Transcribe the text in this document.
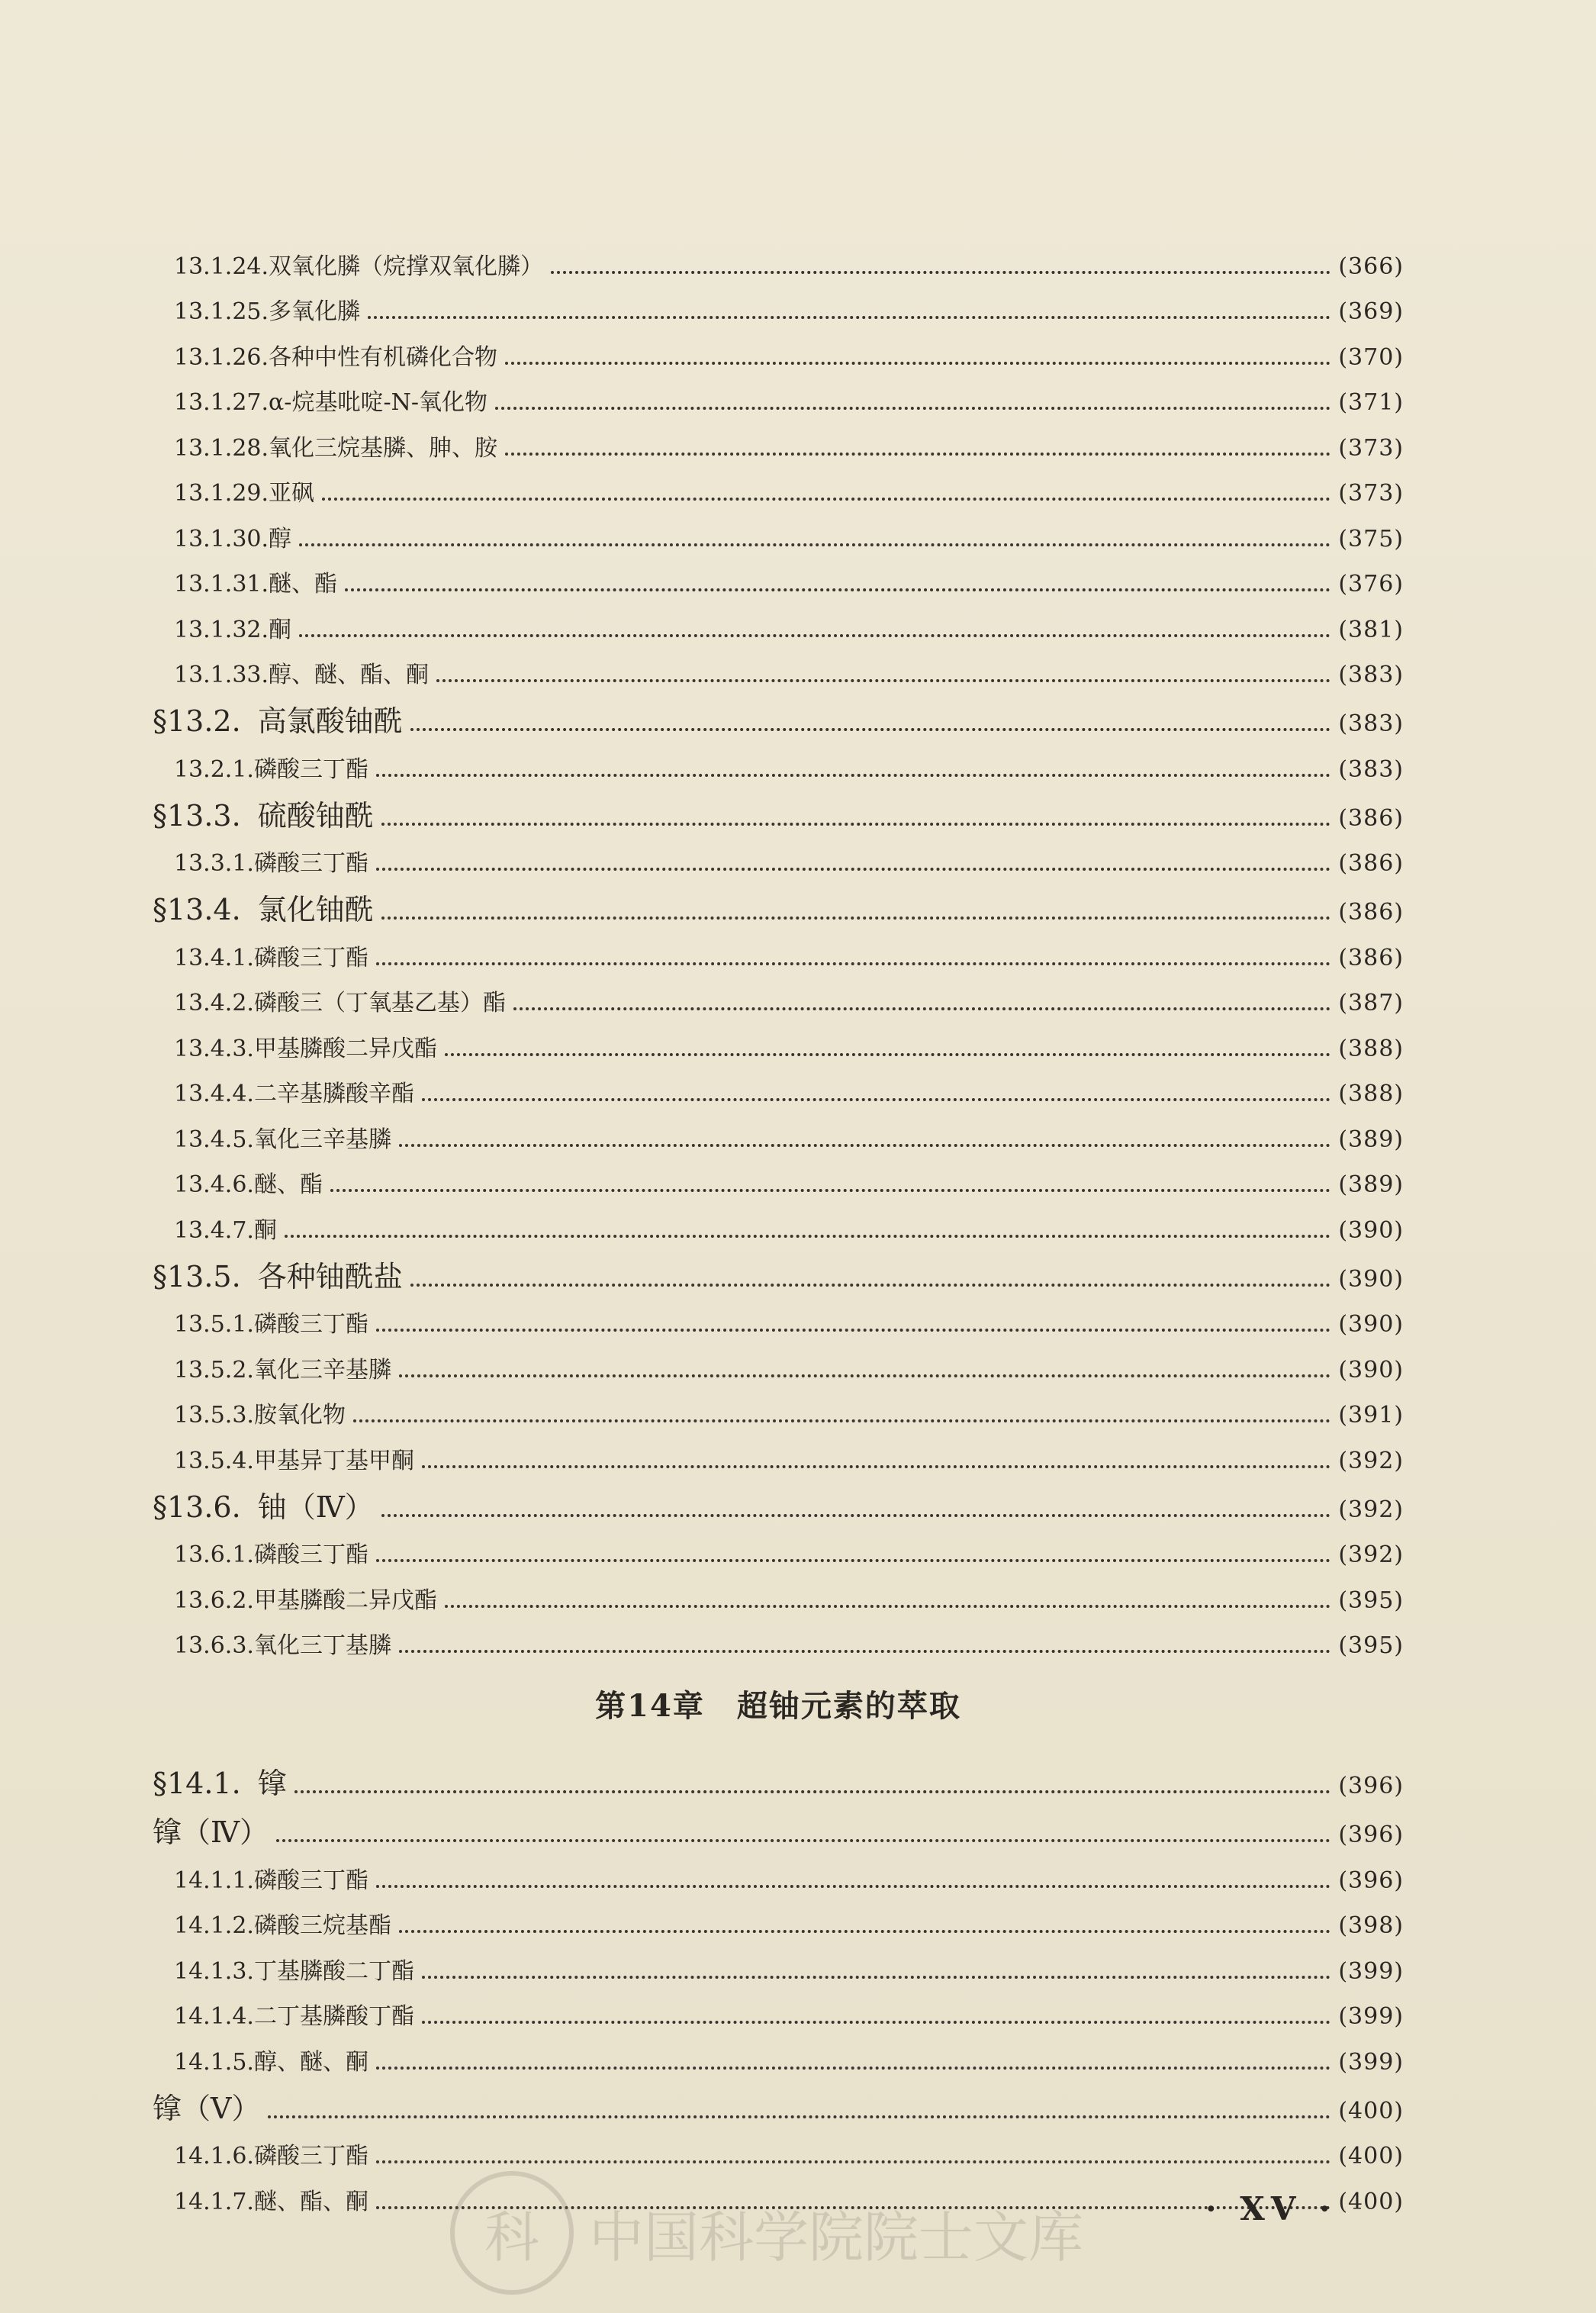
13.1.24. 双氧化膦（烷撑双氧化膦）	(366)
13.1.25. 多氧化膦	(369)
13.1.26. 各种中性有机磷化合物	(370)
13.1.27. α-烷基吡啶-N-氧化物	(371)
13.1.28. 氧化三烷基膦、胂、胺	(373)
13.1.29. 亚砜	(373)
13.1.30. 醇	(375)
13.1.31. 醚、酯	(376)
13.1.32. 酮	(381)
13.1.33. 醇、醚、酯、酮	(383)
§13.2. 高氯酸铀酰	(383)
13.2.1. 磷酸三丁酯	(383)
§13.3. 硫酸铀酰	(386)
13.3.1. 磷酸三丁酯	(386)
§13.4. 氯化铀酰	(386)
13.4.1. 磷酸三丁酯	(386)
13.4.2. 磷酸三（丁氧基乙基）酯	(387)
13.4.3. 甲基膦酸二异戊酯	(388)
13.4.4. 二辛基膦酸辛酯	(388)
13.4.5. 氧化三辛基膦	(389)
13.4.6. 醚、酯	(389)
13.4.7. 酮	(390)
§13.5. 各种铀酰盐	(390)
13.5.1. 磷酸三丁酯	(390)
13.5.2. 氧化三辛基膦	(390)
13.5.3. 胺氧化物	(391)
13.5.4. 甲基异丁基甲酮	(392)
§13.6. 铀（Ⅳ）	(392)
13.6.1. 磷酸三丁酯	(392)
13.6.2. 甲基膦酸二异戊酯	(395)
13.6.3. 氧化三丁基膦	(395)
第14章　超铀元素的萃取
§14.1. 镎	(396)
镎（Ⅳ）	(396)
14.1.1. 磷酸三丁酯	(396)
14.1.2. 磷酸三烷基酯	(398)
14.1.3. 丁基膦酸二丁酯	(399)
14.1.4. 二丁基膦酸丁酯	(399)
14.1.5. 醇、醚、酮	(399)
镎（Ⅴ）	(400)
14.1.6. 磷酸三丁酯	(400)
14.1.7. 醚、酯、酮	(400)
科 中国科学院院士文库	· XV ·
